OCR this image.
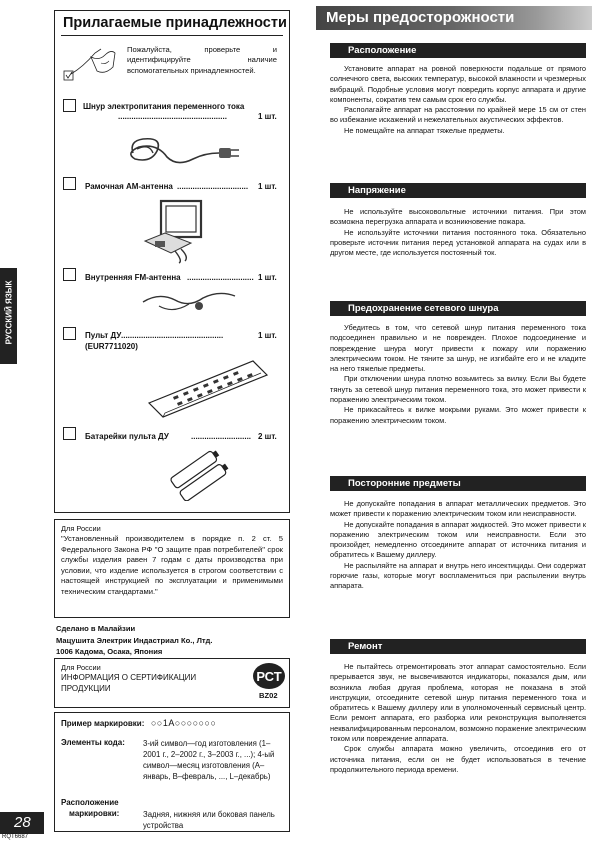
Прилагаемые принадлежности
Пожалуйста, проверьте и идентифицируйте наличие вспомогательных принадлежностей.
Шнур электропитания переменного тока
.................................................	1 шт.
Рамочная AM-антенна ................................	1 шт.
Внутренняя FM-антенна .............................. 1 шт.
Пульт ДУ ..............................................	1 шт.
(EUR7711020)
Батарейки пульта ДУ	........................... 2 шт.
РУССКИЙ ЯЗЫК
Для России
"Установленный производителем в порядке п. 2 ст. 5 Федерального Закона РФ "О защите прав потребителей" срок службы изделия равен 7 годам с даты производства при условии, что изделие используется в строгом соответствии с настоящей инструкцией по эксплуатации и применимыми техническим стандартами."
Сделано в Малайзии
Мацушита Электрик Индастриал Ко., Лтд.
1006 Кадома, Осака, Япония
Для России
ИНФОРМАЦИЯ О СЕРТИФИКАЦИИ ПРОДУКЦИИ
РСТ
BZ02
Пример маркировки: ○○1A○○○○○○○
Элементы кода: 3-ий символ—год изготовления (1–2001 г., 2–2002 г., 3–2003 г., ...); 4-ый символ—месяц изготовления (A–январь, B–февраль, ..., L–декабрь)
Расположение
маркировки:	Задняя, нижняя или боковая панель устройства
28
RQT6687
Меры предосторожности
Расположение

Установите аппарат на ровной поверхности подальше от прямого солнечного света, высоких температур, высокой влажности и чрезмерных вибраций. Подобные условия могут повредить корпус аппарата и другие компоненты, сократив тем самым срок его службы.

Располагайте аппарат на расстоянии по крайней мере 15 см от стен во избежание искажений и нежелательных акустических эффектов.

Не помещайте на аппарат тяжелые предметы.

Напряжение

Не используйте высоковольтные источники питания. При этом возможна перегрузка аппарата и возникновение пожара.

Не используйте источники питания постоянного тока. Обязательно проверьте источник питания перед установкой аппарата на судах или в другом месте, где используется постоянный ток.

Предохранение сетевого шнура

Убедитесь в том, что сетевой шнур питания переменного тока подсоединен правильно и не поврежден. Плохое подсоединение и повреждение шнура могут привести к пожару или поражению электрическим током. Не тяните за шнур, не изгибайте его и не кладите на него тяжелые предметы.

При отключении шнура плотно возьмитесь за вилку. Если Вы будете тянуть за сетевой шнур питания переменного тока, это может привести к поражению электрическим током.

Не прикасайтесь к вилке мокрыми руками. Это может привести к поражению электрическим током.

Посторонние предметы

Не допускайте попадания в аппарат металлических предметов. Это может привести к поражению электрическим током или неисправности.

Не допускайте попадания в аппарат жидкостей. Это может привести к поражению электрическим током или неисправности. Если это произойдет, немедленно отсоедините аппарат от источника питания и обратитесь к Вашему диллеру.

Не распыляйте на аппарат и внутрь него инсектициды. Они содержат горючие газы, которые могут воспламениться при распылении внутрь аппарата.

Ремонт

Не пытайтесь отремонтировать этот аппарат самостоятельно. Если прерывается звук, не высвечиваются индикаторы, показался дым, или возникла любая другая проблема, которая не показана в этой инструкции, отсоедините сетевой шнур питания переменного тока и обратитесь к Вашему диллеру или в уполномоченный сервисный центр. Если ремонт аппарата, его разборка или реконструкция выполняется неквалифицированным персоналом, возможно поражение электрическим током или повреждение аппарата.

Срок службы аппарата можно увеличить, отсоединив его от источника питания, если он не будет использоваться в течение продолжительного периода времени.
